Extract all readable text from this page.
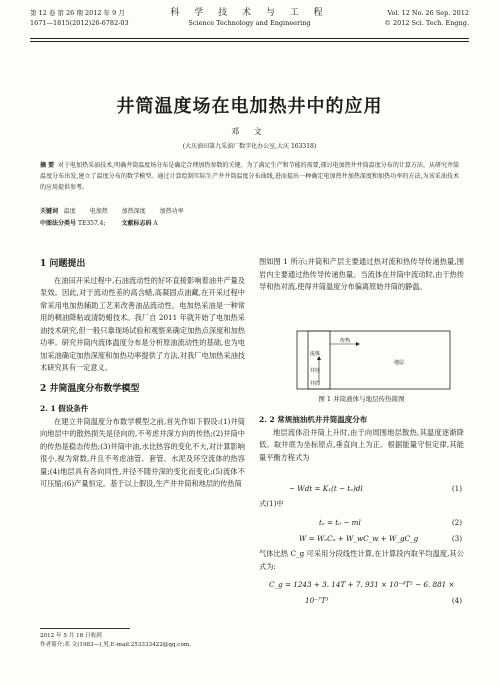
第 12 卷 第 26 期 2012 年 9 月
1671—1815(2012)26-6782-03
科 学 技 术 与 工 程
Science Technology and Engineering
Vol. 12 No. 26 Sep. 2012
© 2012 Sci. Tech. Engng.
井筒温度场在电加热井中的应用
邓 文
(大庆油田第九采油厂数字化办公室,大庆 163318)
摘 要 对于电加热采油技术,明确井筒温度场分布是确定合理加热参数的关键。为了满足生产和节能的需要,探讨电加热井井筒温度分布的计算方法。从研究井筒温度分布出发,建立了温度分布的数学模型。通过计算绘制实际生产井井筒温度分布曲线,进而提出一种确定电加热井加热深度和加热功率的方法,为该采油技术的应用提供参考。
关键词 温度 电加热 加热深度 加热功率
中图法分类号 TE357.4;	文献标志码 A
1 问题提出

在油田开采过程中,石油流动性的好坏直接影响着油井产量及泵效。因此,对于流动性差的高含蜡,高凝固点油藏,在开采过程中常采用电加热辅助工艺来改善油品流动性。电加热采油是一种常用的稠油降粘或清防蜡技术。我厂自 2011 年就开始了电加热采油技术研究,但一般只靠现场试验和观察来确定加热点深度和加热功率。研究井筒内流体温度分布是分析原油流动性的基础,也为电加采油确定加热深度和加热功率提供了方法,对我厂电加热采油技术研究具有一定意义。

2 井筒温度分布数学模型
2. 1 假设条件

在建立井筒温度分布数学模型之前,首先作如下假设:(1)井筒向地层中的散热损失是径向的,不考虑井深方向的传热;(2)井筒中的传热是稳态传热;(3)井筒中油,水比热容的变化不大,对计算影响很小,视为常数,并且不考虑油管、套管、水泥及环空流体的热容量;(4)地层具有各向同性,并径不随井深的变化而变化;(5)流体不可压缩;(6)产量恒定。基于以上假设,生产井井筒和地层的传热简

图如图 1 所示;井筒和产层主要通过热对流和热传导传递热量,围岩内主要通过热传导传递热量。当流体在井筒中流动时,由于热传导和热对流,使得井筒温度分布偏离原始井筒的静温。

传热
流体
地层
井径
井筒
图 1 井筒液体与地层传热简图
2. 2 常规抽油机井井筒温度分布

地层流体沿井筒上升时,由于向周围地层散热,其温度逐渐降低。取井底为坐标原点,垂直向上为正。根据能量守恒定律,其能量平衡方程式为

− Wdt = K₁(t − tₑ)dl	(1)
式(1)中
tₑ = t₀ − ml	(2)
W = WₒCₒ + W_wC_w + W_gC_g	(3)

气体比热 C_g 可采用分段线性计算,在计算段内取平均温度,其公式为:

C_g = 1243 + 3. 14T + 7. 931 × 10⁻⁴T² − 6. 881 ×
10⁻⁷T³	(4)
2012 年 5 月 18 日收到
作者简介:邓 文(1983—),男,E-mail:253333422@qq.com。
